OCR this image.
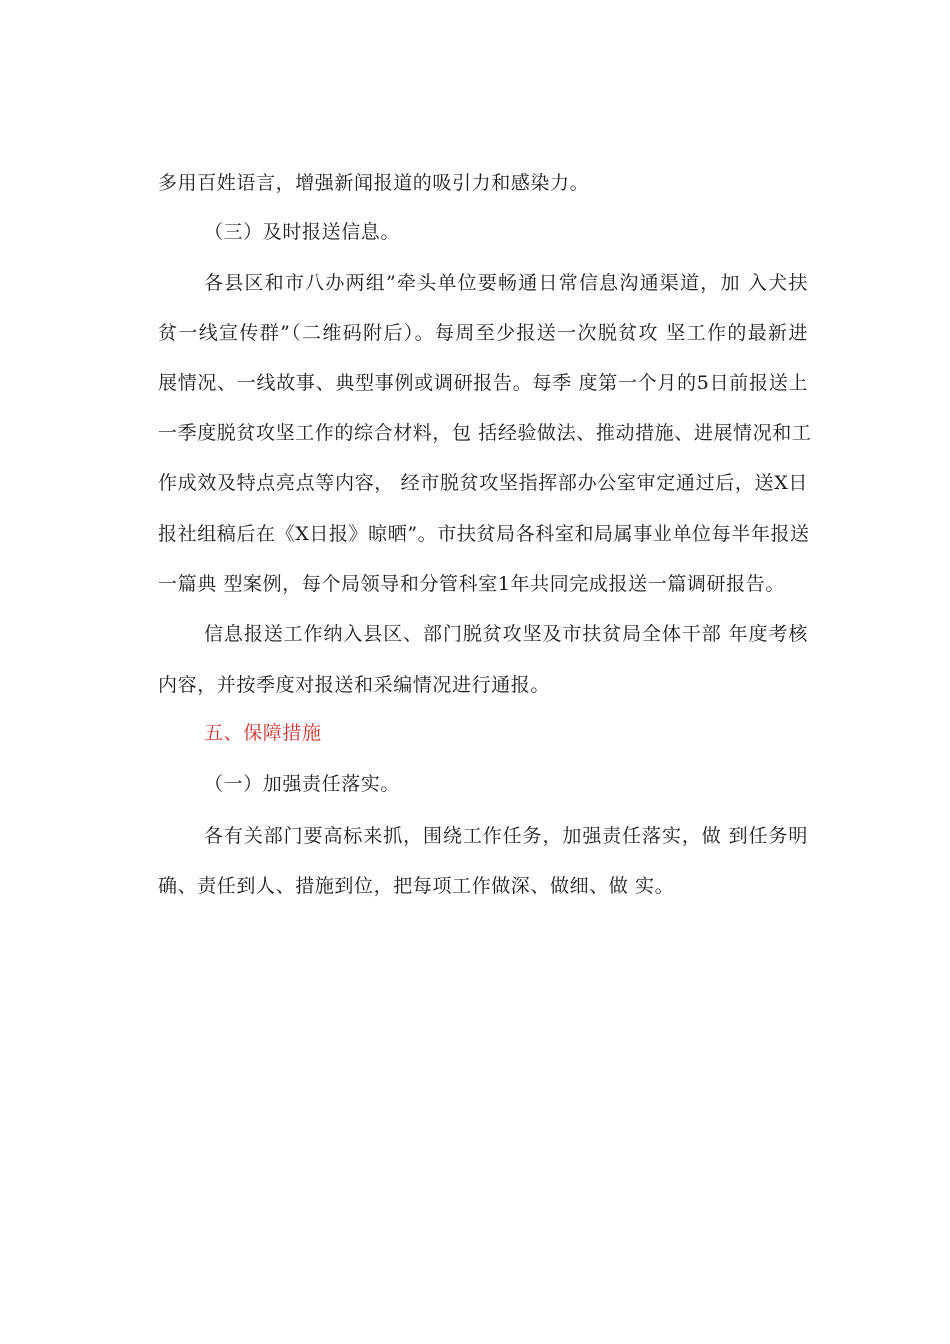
多用百姓语言，增强新闻报道的吸引力和感染力。
（三）及时报送信息。
各县区和市八办两组”牵头单位要畅通日常信息沟通渠道，加 入犬扶
贫一线宣传群”（二维码附后）。每周至少报送一次脱贫攻 坚工作的最新进
展情况、一线故事、典型事例或调研报告。每季 度第一个月的5日前报送上
一季度脱贫攻坚工作的综合材料，包 括经验做法、推动措施、进展情况和工
作成效及特点亮点等内容， 经市脱贫攻坚指挥部办公室审定通过后，送X日
报社组稿后在《X日报》晾晒”。市扶贫局各科室和局属事业单位每半年报送
一篇典 型案例，每个局领导和分管科室1年共同完成报送一篇调研报告。
信息报送工作纳入县区、部门脱贫攻坚及市扶贫局全体干部 年度考核
内容，并按季度对报送和采编情况进行通报。
五、保障措施
（一）加强责任落实。
各有关部门要高标来抓，围绕工作任务，加强责任落实，做 到任务明
确、责任到人、措施到位，把每项工作做深、做细、做 实。
